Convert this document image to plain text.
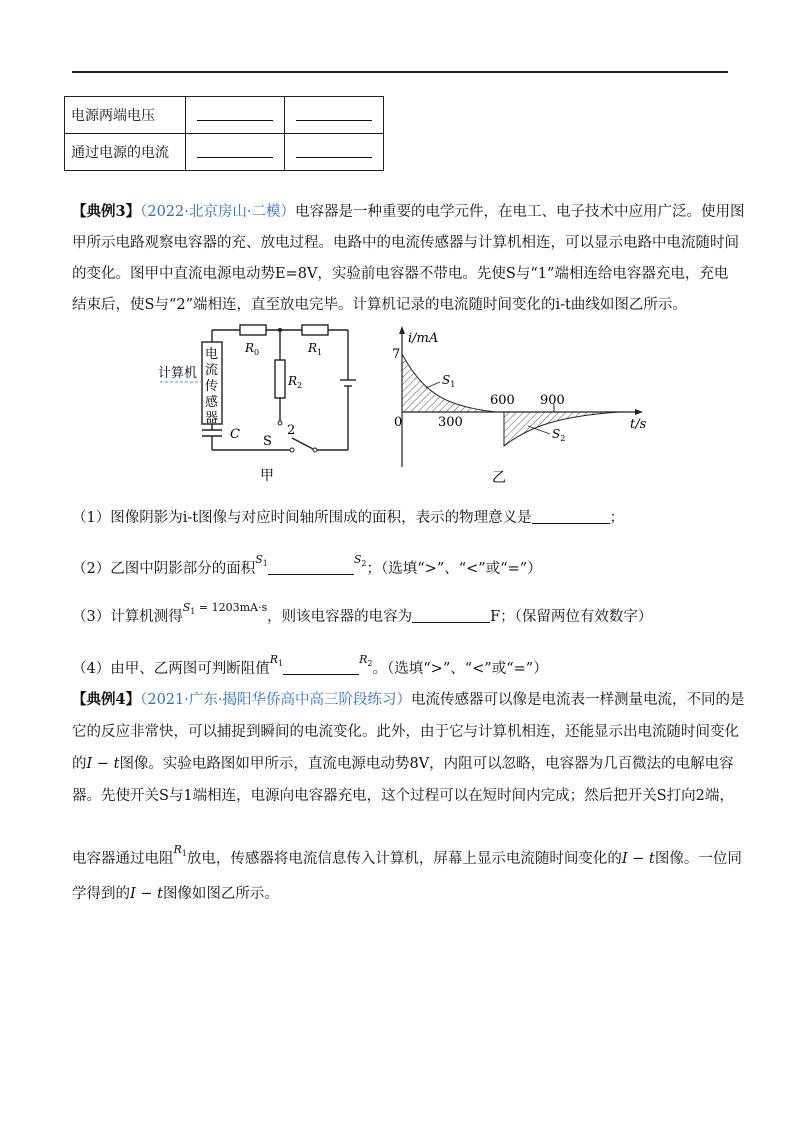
电源两端电压		
通过电源的电流		
【典例3】（2022·北京房山·二模）电容器是一种重要的电学元件，在电工、电子技术中应用广泛。使用图
甲所示电路观察电容器的充、放电过程。电路中的电流传感器与计算机相连，可以显示电路中电流随时间
的变化。图甲中直流电源电动势E=8V，实验前电容器不带电。先使S与“1”端相连给电容器充电，充电
结束后，使S与“2”端相连，直至放电完毕。计算机记录的电流随时间变化的i-t曲线如图乙所示。
计算机
电流传感器
$R_0$	$R_1$
$R_2$
C S
2
甲
i/mA
7
0	300
600 900
t/s
$S_1$
$S_2$
乙
（1）图像阴影为i-t图像与对应时间轴所围成的面积，表示的物理意义是	；
（2）乙图中阴影部分的面积$^{S_1}$	$^{S_2}$；（选填“>”、“<”或“=”）
（3）计算机测得$^{S_1 = 1203mA\cdot s}$，则该电容器的电容为	F；（保留两位有效数字）
（4）由甲、乙两图可判断阻值$^{R_1}$	$^{R_2}$。（选填“>”、“<”或“=”）
【典例4】（2021·广东·揭阳华侨高中高三阶段练习）电流传感器可以像是电流表一样测量电流，不同的是
它的反应非常快，可以捕捉到瞬间的电流变化。此外，由于它与计算机相连，还能显示出电流随时间变化
的I − t图像。实验电路图如甲所示，直流电源电动势8V，内阻可以忽略，电容器为几百微法的电解电容
器。先使开关S与1端相连，电源向电容器充电，这个过程可以在短时间内完成；然后把开关S打向2端，
电容器通过电阻$^{R_1}$放电，传感器将电流信息传入计算机，屏幕上显示电流随时间变化的I − t图像。一位同
学得到的I − t图像如图乙所示。
